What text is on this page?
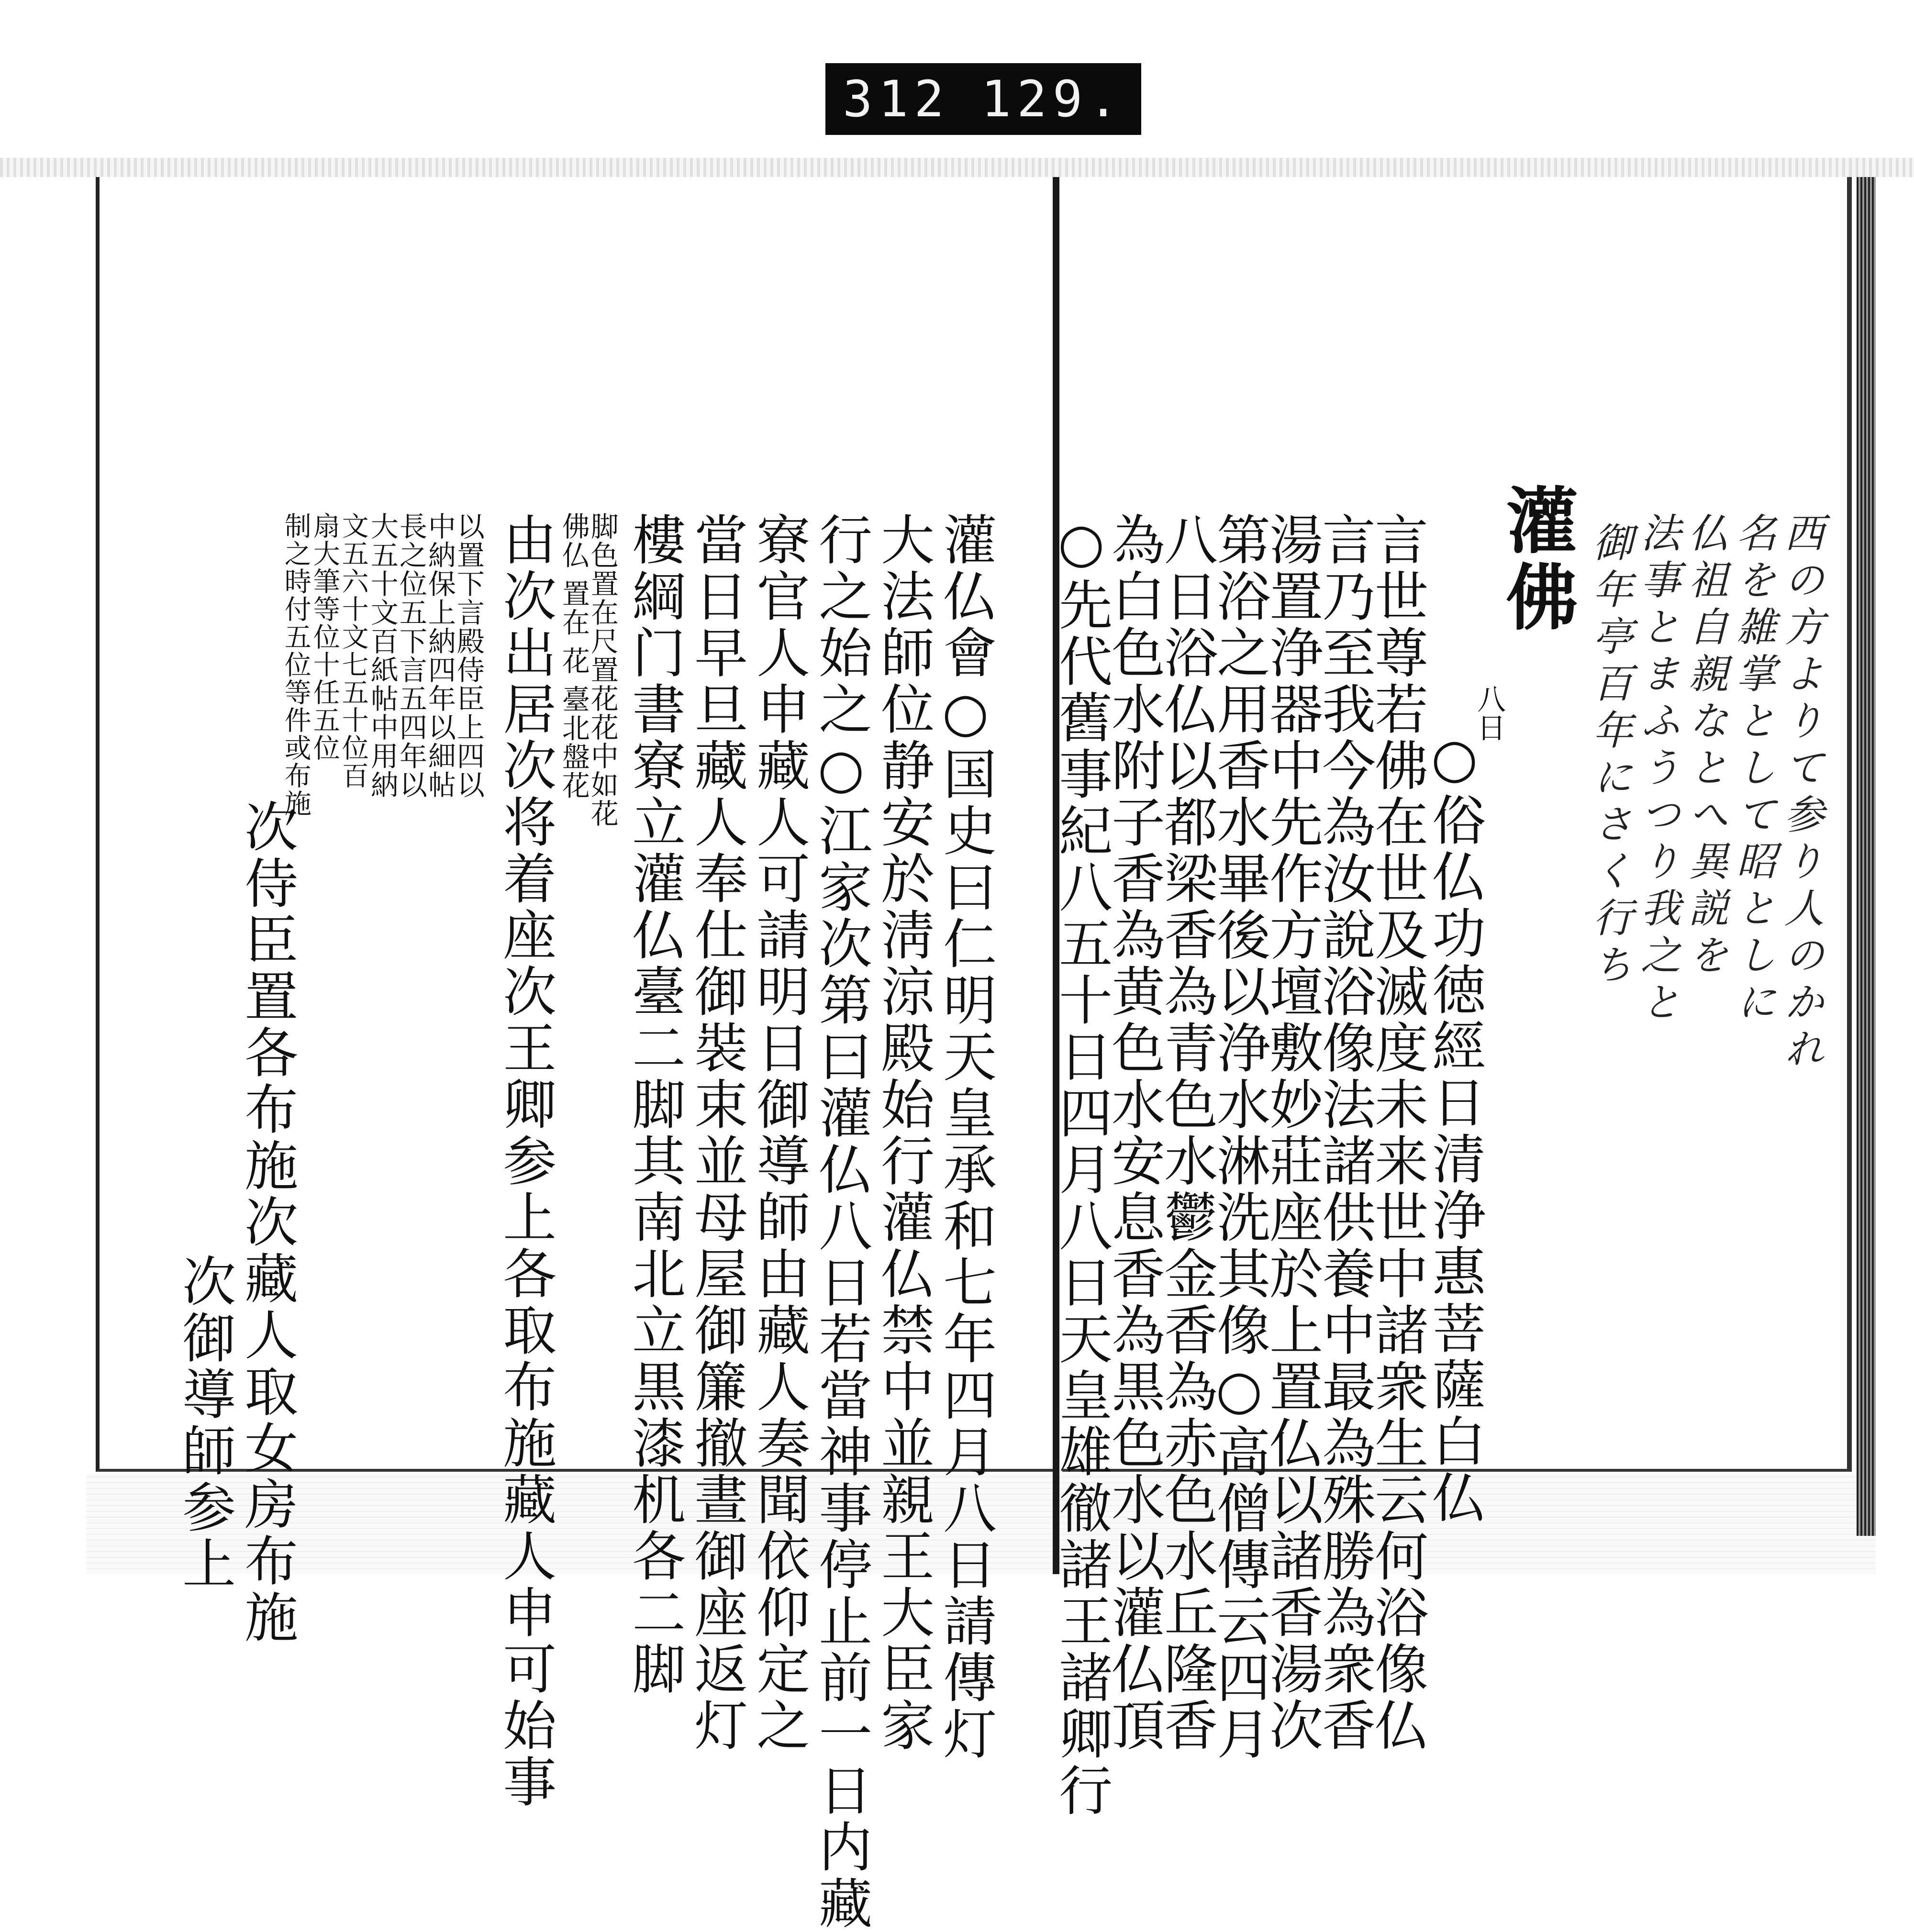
312 129.
灌仏會○国史曰仁明天皇承和七年四月八日請傳灯
大法師位静安於淸涼殿始行灌仏禁中並親王大臣家
行之始之○江家次第曰灌仏八日若當神事停止前一日内藏
寮官人申藏人可請明日御導師由藏人奏聞依仰定之
當日早旦藏人奉仕御裝束並母屋御簾撤晝御座返灯
樓綱门書寮立灌仏臺二脚其南北立黒漆机各二脚
脚色置在尺置花花中如花
佛仏 置在 花 臺北盤花
由次出居次将着座次王卿参上各取布施藏人申可始事
以置下言殿侍臣上四以
中納保上納四年以細帖
長之位五下言五四年以
大五十文百紙帖中用納
文五六十文七五十位百
扇大筆等位十任五位
制之時付五位等件或布施
次侍臣置各布施次藏人取女房布施
次御導師参上
西の方よりて参り人のかれ
名を雑掌として昭としに
仏祖自親なとへ異説を
法事とまふうつり我之と
御年亭百年にさく行ち
灌佛
八日
○俗仏功徳經日清浄惠菩薩白仏
言世尊若佛在世及滅度未来世中諸衆生云何浴像仏
言乃至我今為汝說浴像法諸供養中最為殊勝為衆香
湯置浄器中先作方壇敷妙莊座於上置仏以諸香湯次
第浴之用香水畢後以浄水淋洗其像○高僧傳云四月
八日浴仏以都梁香為青色水鬱金香為赤色水丘隆香
為白色水附子香為黄色水安息香為黒色水以灌仏頂
○先代舊事紀八五十日四月八日天皇雄徹諸王諸卿行
